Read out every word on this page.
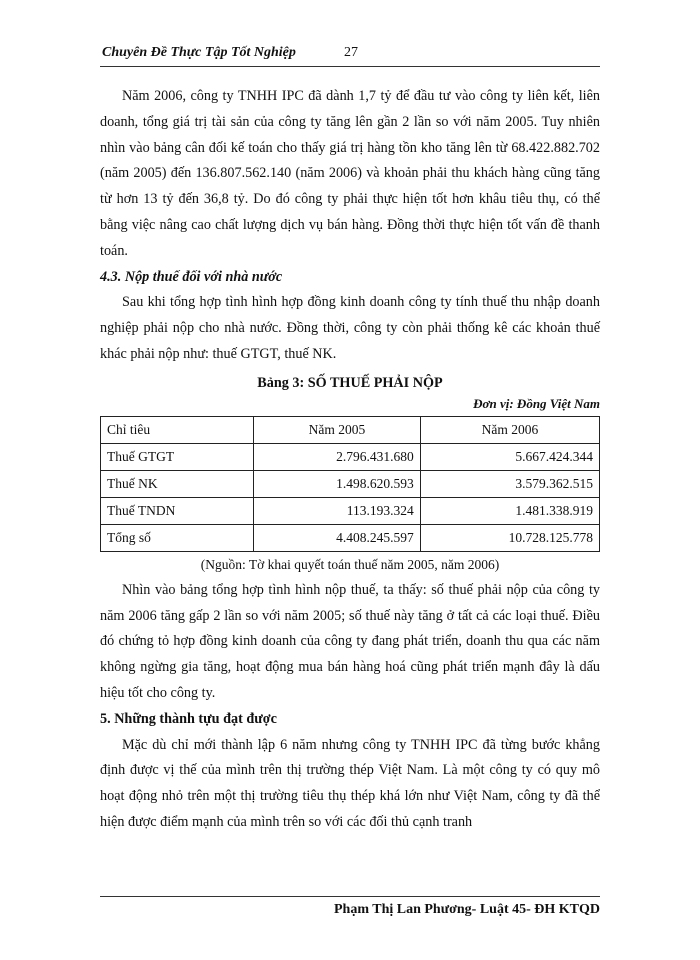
Chuyên Đề Thực Tập Tốt Nghiệp	27

Năm 2006, công ty TNHH IPC đã dành 1,7 tỷ để đầu tư vào công ty liên kết, liên doanh, tổng giá trị tài sản của công ty tăng lên gần 2 lần so với năm 2005. Tuy nhiên nhìn vào bảng cân đối kế toán cho thấy giá trị hàng tồn kho tăng lên từ 68.422.882.702 (năm 2005) đến 136.807.562.140 (năm 2006) và khoản phải thu khách hàng cũng tăng từ hơn 13 tỷ đến 36,8 tỷ. Do đó công ty phải thực hiện tốt hơn khâu tiêu thụ, có thể bằng việc nâng cao chất lượng dịch vụ bán hàng. Đồng thời thực hiện tốt vấn đề thanh toán.

4.3. Nộp thuế đối với nhà nước

Sau khi tổng hợp tình hình hợp đồng kinh doanh công ty tính thuế thu nhập doanh nghiệp phải nộp cho nhà nước. Đồng thời, công ty còn phải thống kê các khoản thuế khác phải nộp như: thuế GTGT, thuế NK.

Bảng 3: SỐ THUẾ PHẢI NỘP

Đơn vị: Đồng Việt Nam

Chỉ tiêu	Năm 2005	Năm 2006
Thuế GTGT	2.796.431.680	5.667.424.344
Thuế NK	1.498.620.593	3.579.362.515
Thuế TNDN	113.193.324	1.481.338.919
Tổng số	4.408.245.597	10.728.125.778

(Nguồn: Tờ khai quyết toán thuế năm 2005, năm 2006)

Nhìn vào bảng tổng hợp tình hình nộp thuế, ta thấy: số thuế phải nộp của công ty năm 2006 tăng gấp 2 lần so với năm 2005; số thuế này tăng ở tất cả các loại thuế. Điều đó chứng tỏ hợp đồng kinh doanh của công ty đang phát triển, doanh thu qua các năm không ngừng gia tăng, hoạt động mua bán hàng hoá cũng phát triển mạnh đây là dấu hiệu tốt cho công ty.

5. Những thành tựu đạt được

Mặc dù chỉ mới thành lập 6 năm nhưng công ty TNHH IPC đã từng bước khẳng định được vị thế của mình trên thị trường thép Việt Nam. Là một công ty có quy mô hoạt động nhỏ trên một thị trường tiêu thụ thép khá lớn như Việt Nam, công ty đã thể hiện được điểm mạnh của mình trên so với các đối thủ cạnh tranh

Phạm Thị Lan Phương- Luật 45- ĐH KTQD
